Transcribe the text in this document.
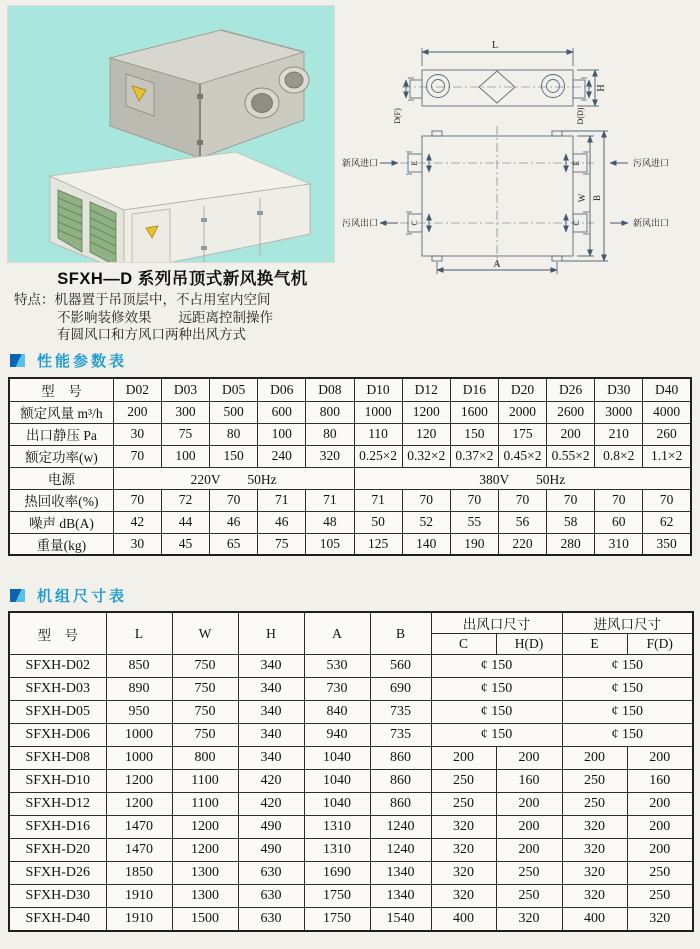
L
H
D(F)	D(D)
新风进口
污风出口
污风进口
新风出口
A
W B
E
C
E
C
SFXH—D 系列吊顶式新风换气机
特点：机器置于吊顶层中，不占用室内空间
不影响装修效果　　远距离控制操作
有圆风口和方风口两种出风方式
性能参数表
型　号	D02	D03	D05	D06	D08	D10	D12	D16	D20	D26	D30	D40
额定风量 m³/h	200	300	500	600	800	1000	1200	1600	2000	2600	3000	4000
出口静压 Pa	30	75	80	100	80	110	120	150	175	200	210	260
额定功率(w)	70	100	150	240	320	0.25×2	0.32×2	0.37×2	0.45×2	0.55×2	0.8×2	1.1×2
电源	220V　　50Hz					380V　　50Hz						
热回收率(%)	70	72	70	71	71	71	70	70	70	70	70	70
噪声 dB(A)	42	44	46	46	48	50	52	55	56	58	60	62
重量(kg)	30	45	65	75	105	125	140	190	220	280	310	350
机组尺寸表
型　号	L	W	H	A	B	出风口尺寸		进风口尺寸	
						C	H(D)	E	F(D)
SFXH-D02	850	750	340	530	560	¢ 150		¢ 150	
SFXH-D03	890	750	340	730	690	¢ 150		¢ 150	
SFXH-D05	950	750	340	840	735	¢ 150		¢ 150	
SFXH-D06	1000	750	340	940	735	¢ 150		¢ 150	
SFXH-D08	1000	800	340	1040	860	200	200	200	200
SFXH-D10	1200	1100	420	1040	860	250	160	250	160
SFXH-D12	1200	1100	420	1040	860	250	200	250	200
SFXH-D16	1470	1200	490	1310	1240	320	200	320	200
SFXH-D20	1470	1200	490	1310	1240	320	200	320	200
SFXH-D26	1850	1300	630	1690	1340	320	250	320	250
SFXH-D30	1910	1300	630	1750	1340	320	250	320	250
SFXH-D40	1910	1500	630	1750	1540	400	320	400	320
